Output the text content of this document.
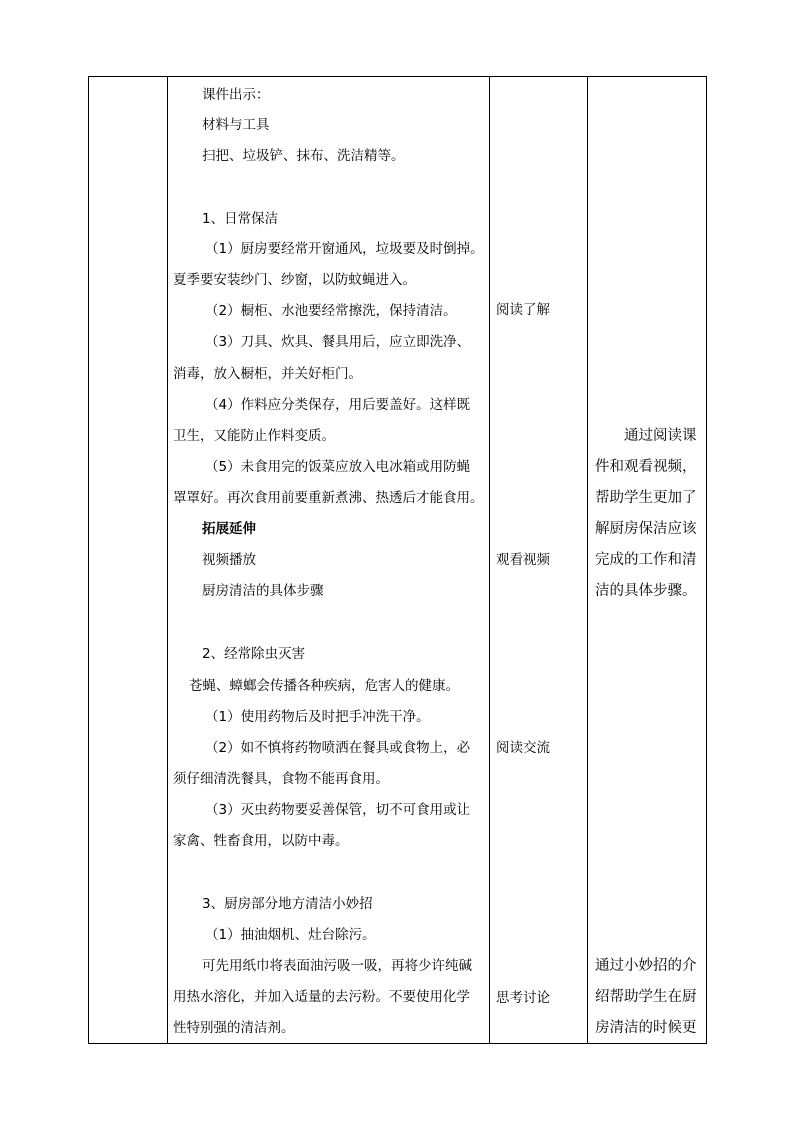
课件出示：
材料与工具
扫把、垃圾铲、抹布、洗洁精等。
1、日常保洁
（1）厨房要经常开窗通风，垃圾要及时倒掉。
夏季要安装纱门、纱窗，以防蚊蝇进入。
（2）橱柜、水池要经常擦洗，保持清洁。
（3）刀具、炊具、餐具用后，应立即洗净、
消毒，放入橱柜，并关好柜门。
（4）作料应分类保存，用后要盖好。这样既
卫生，又能防止作料变质。
（5）未食用完的饭菜应放入电冰箱或用防蝇
罩罩好。再次食用前要重新煮沸、热透后才能食用。
拓展延伸
视频播放
厨房清洁的具体步骤
2、经常除虫灭害
苍蝇、蟑螂会传播各种疾病，危害人的健康。
（1）使用药物后及时把手冲洗干净。
（2）如不慎将药物喷洒在餐具或食物上，必
须仔细清洗餐具，食物不能再食用。
（3）灭虫药物要妥善保管，切不可食用或让
家禽、牲畜食用，以防中毒。
3、厨房部分地方清洁小妙招
（1）抽油烟机、灶台除污。
可先用纸巾将表面油污吸一吸，再将少许纯碱
用热水溶化，并加入适量的去污粉。不要使用化学
性特别强的清洁剂。
阅读了解
观看视频
阅读交流
思考讨论
通过阅读课
件和观看视频，
帮助学生更加了
解厨房保洁应该
完成的工作和清
洁的具体步骤。
通过小妙招的介
绍帮助学生在厨
房清洁的时候更
